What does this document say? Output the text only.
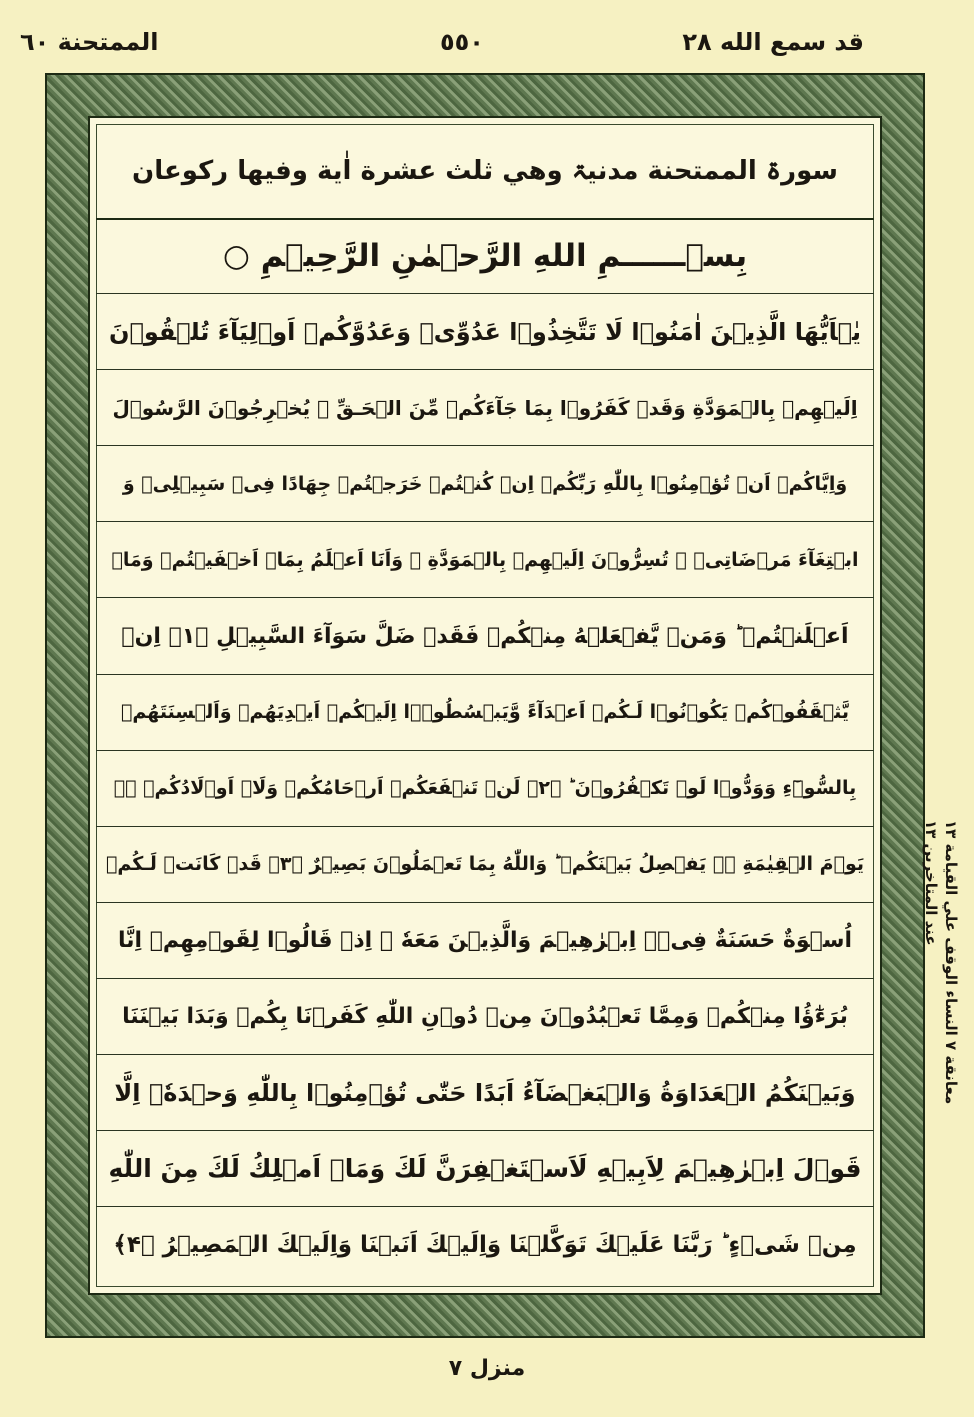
قد سمع الله ٢٨
٥٥٠
الممتحنة ٦٠
سورۃ الممتحنة مدنیۃ وهي ثلث عشرة اٰية وفيها ركوعان
بِسۡــــــمِ اللهِ الرَّحۡمٰنِ الرَّحِيۡمِ ○
يٰۤاَيُّهَا الَّذِيۡنَ اٰمَنُوۡا لَا تَتَّخِذُوۡا عَدُوِّىۡ وَعَدُوَّكُمۡ اَوۡلِيَآءَ تُلۡقُوۡنَ
اِلَيۡهِمۡ بِالۡمَوَدَّةِ وَقَدۡ كَفَرُوۡا بِمَا جَآءَكُمۡ مِّنَ الۡحَـقِّ‌ ۚ يُخۡرِجُوۡنَ الرَّسُوۡلَ
وَاِيَّاكُمۡ‌ اَنۡ تُؤۡمِنُوۡا بِاللّٰهِ رَبِّكُمۡ اِنۡ كُنۡتُمۡ خَرَجۡتُمۡ جِهَادًا فِىۡ سَبِيۡلِىۡ وَ
ابۡتِغَآءَ مَرۡضَاتِىۡ ‌ۖ تُسِرُّوۡنَ اِلَيۡهِمۡ بِالۡمَوَدَّةِ ‌ۖ وَاَنَا اَعۡلَمُ بِمَاۤ اَخۡفَيۡتُمۡ وَمَاۤ
اَعۡلَنۡتُمۡ‌ ؕ وَمَنۡ يَّفۡعَلۡهُ مِنۡكُمۡ فَقَدۡ ضَلَّ سَوَآءَ السَّبِيۡلِ ﴿۱﴾ اِنۡ
يَّثۡقَفُوۡكُمۡ يَكُوۡنُوۡا لَـكُمۡ اَعۡدَآءً وَّيَبۡسُطُوۡۤا اِلَيۡكُمۡ اَيۡدِيَهُمۡ وَاَلۡسِنَتَهُمۡ
بِالسُّوۡٓءِ وَوَدُّوۡا لَوۡ تَكۡفُرُوۡنَ ؕ ﴿۲﴾ لَنۡ تَنۡفَعَكُمۡ اَرۡحَامُكُمۡ وَلَاۤ اَوۡلَادُكُمۡ ۛۚ
يَوۡمَ الۡقِيٰمَةِ ۛۚ يَفۡصِلُ بَيۡنَكُمۡ‌ ؕ وَاللّٰهُ بِمَا تَعۡمَلُوۡنَ بَصِيۡرٌ ﴿۳﴾ قَدۡ كَانَتۡ لَـكُمۡ
اُسۡوَةٌ حَسَنَةٌ فِىۡۤ اِبۡرٰهِيۡمَ وَالَّذِيۡنَ مَعَهٗ ‌ۚ اِذۡ قَالُوۡا لِقَوۡمِهِمۡ اِنَّا
بُرَءٰٓؤُا مِنۡكُمۡ وَمِمَّا تَعۡبُدُوۡنَ مِنۡ دُوۡنِ اللّٰهِ كَفَرۡنَا بِكُمۡ وَبَدَا بَيۡنَنَا
وَبَيۡنَكُمُ الۡعَدَاوَةُ وَالۡبَغۡضَآءُ اَبَدًا حَتّٰى تُؤۡمِنُوۡا بِاللّٰهِ وَحۡدَهٗۤ اِلَّا
قَوۡلَ اِبۡرٰهِيۡمَ لِاَبِيۡهِ لَاَسۡتَغۡفِرَنَّ لَكَ وَمَاۤ اَمۡلِكُ لَكَ مِنَ اللّٰهِ
مِنۡ شَىۡءٍ‌ ؕ رَبَّنَا عَلَيۡكَ تَوَكَّلۡنَا وَاِلَيۡكَ اَنَبۡنَا وَاِلَيۡكَ الۡمَصِيۡرُ ﴿۴﴾
معانقة ٧ النساء الوقف علي القيامة ١٣
عند المتاخرين ١٣
منزل ٧
